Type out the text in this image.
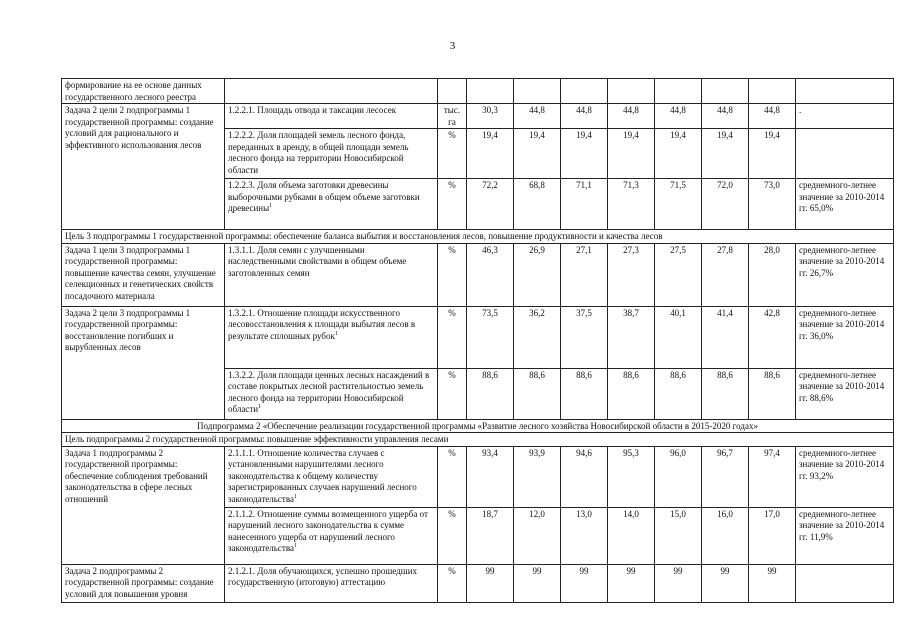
3
формирование на ее основе данных государственного лесного реестра										
Задача 2 цели 2 подпрограммы 1 государственной программы: создание условий для рационального и эффективного использования лесов	1.2.2.1. Площадь отвода и таксации лесосек	тыс. га	30,3	44,8	44,8	44,8	44,8	44,8	44,8	.
	1.2.2.2. Доля площадей земель лесного фонда, переданных в аренду, в общей площади земель лесного фонда на территории Новосибирской области	%	19,4	19,4	19,4	19,4	19,4	19,4	19,4	
	1.2.2.3. Доля объема заготовки древесины выборочными рубками в общем объеме заготовки древесины$^1$	%	72,2	68,8	71,1	71,3	71,5	72,0	73,0	среднемного-летнее значение за 2010-2014 гг. 65,0%
Цель 3 подпрограммы 1 государственной программы: обеспечение баланса выбытия и восстановления лесов, повышение продуктивности и качества лесов										
Задача 1 цели 3 подпрограммы 1 государственной программы: повышение качества семян, улучшение селекционных и генетических свойств посадочного материала	1.3.1.1. Доля семян с улучшенными наследственными свойствами в общем объеме заготовленных семян	%	46,3	26,9	27,1	27,3	27,5	27,8	28,0	среднемного-летнее значение за 2010-2014 гг. 26,7%
Задача 2 цели 3 подпрограммы 1 государственной программы: восстановление погибших и вырубленных лесов	1.3.2.1. Отношение площади искусственного лесовосстановления к площади выбытия лесов в результате сплошных рубок$^1$	%	73,5	36,2	37,5	38,7	40,1	41,4	42,8	среднемного-летнее значение за 2010-2014 гг. 36,0%
	1.3.2.2. Доля площади ценных лесных насаждений в составе покрытых лесной растительностью земель лесного фонда на территории Новосибирской области$^1$	%	88,6	88,6	88,6	88,6	88,6	88,6	88,6	среднемного-летнее значение за 2010-2014 гг. 88,6%
Подпрограмма 2 «Обеспечение реализации государственной программы «Развитие лесного хозяйства Новосибирской области в 2015-2020 годах»										
Цель подпрограммы 2 государственной программы: повышение эффективности управления лесами										
Задача 1 подпрограммы 2 государственной программы: обеспечение соблюдения требований законодательства в сфере лесных отношений	2.1.1.1. Отношение количества случаев с установленными нарушителями лесного законодательства к общему количеству зарегистрированных случаев нарушений лесного законодательства$^1$	%	93,4	93,9	94,6	95,3	96,0	96,7	97,4	среднемного-летнее значение за 2010-2014 гг. 93,2%
	2.1.1.2. Отношение суммы возмещенного ущерба от нарушений лесного законодательства к сумме нанесенного ущерба от нарушений лесного законодательства$^1$	%	18,7	12,0	13,0	14,0	15,0	16,0	17,0	среднемного-летнее значение за 2010-2014 гг. 11,9%
Задача 2 подпрограммы 2 государственной программы: создание условий для повышения уровня	2.1.2.1. Доля обучающихся, успешно прошедших государственную (итоговую) аттестацию	%	99	99	99	99	99	99	99	
